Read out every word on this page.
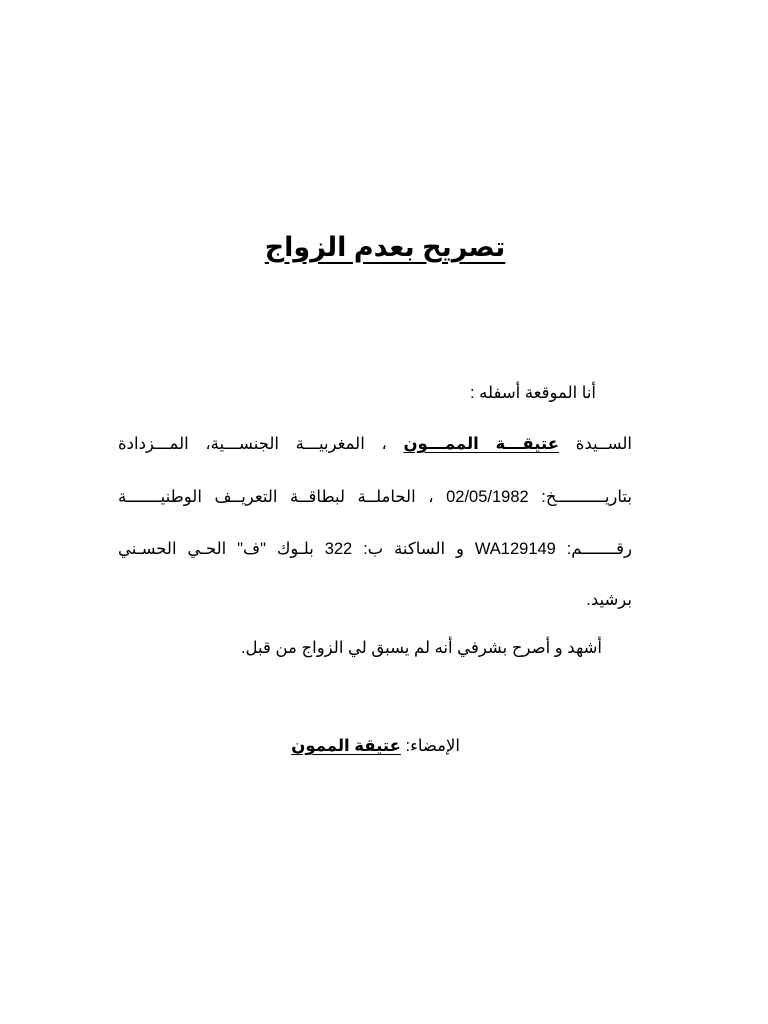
تصريح بعدم الزواج
أنا الموقعة أسفله :
الســيدة عتيقـــة الممـــون ، المغربيـــة الجنســـية، المـــزدادة
بتاريــــــــــخ: 02/05/1982 ، الحاملــة لبطاقــة التعريــف الوطنيـــــــة
رقـــــــم: WA129149 و الساكنة ب: 322 بلـوك "ف" الحـي الحسـني
برشيد.
أشهد و أصرح بشرفي أنه لم يسبق لي الزواج من قبل.
الإمضاء: عتيقة الممون
